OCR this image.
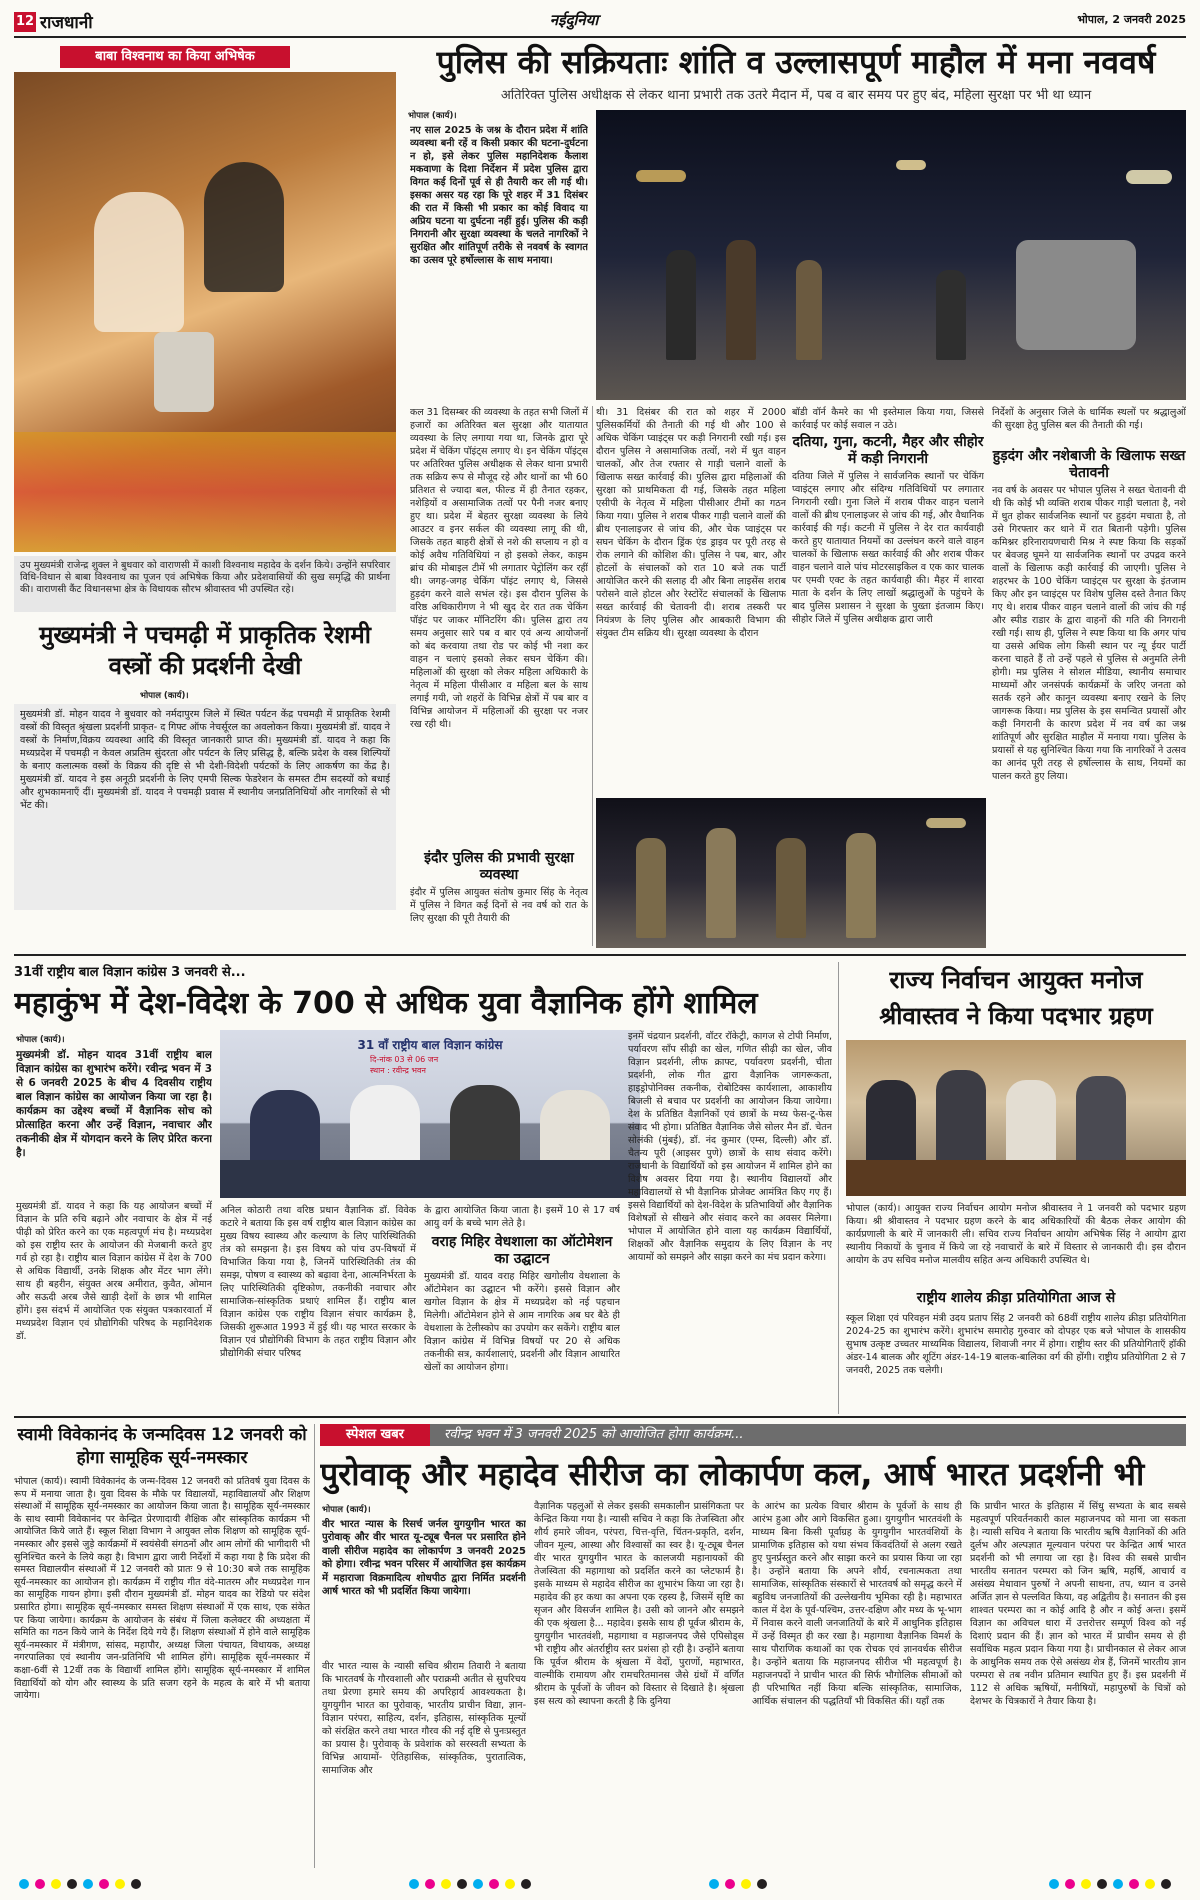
12 राजधानी	नईदुनिया	भोपाल, 2 जनवरी 2025
बाबा विश्वनाथ का किया अभिषेक
उप मुख्यमंत्री राजेन्द्र शुक्ल ने बुधवार को वाराणसी में काशी विश्वनाथ महादेव के दर्शन किये। उन्होंने सपरिवार विधि-विधान से बाबा विश्वनाथ का पूजन एवं अभिषेक किया और प्रदेशवासियों की सुख समृद्धि की प्रार्थना की। वाराणसी कैंट विधानसभा क्षेत्र के विधायक सौरभ श्रीवास्तव भी उपस्थित रहे।
मुख्यमंत्री ने पचमढ़ी में प्राकृतिक रेशमी वस्त्रों की प्रदर्शनी देखी
भोपाल (कार्य)।
मुख्यमंत्री डॉ. मोहन यादव ने बुधवार को नर्मदापुरम जिले में स्थित पर्यटन केंद्र पचमढ़ी में प्राकृतिक रेशमी वस्त्रों की विस्तृत श्रृंखला प्रदर्शनी प्राकृत- द गिफ्ट ऑफ नेचर्सूरल का अवलोकन किया। मुख्यमंत्री डॉ. यादव ने वस्त्रों के निर्माण,विक्रय व्यवस्था आदि की विस्तृत जानकारी प्राप्त की। मुख्यमंत्री डॉ. यादव ने कहा कि मध्यप्रदेश में पचमढ़ी न केवल अप्रतिम सुंदरता और पर्यटन के लिए प्रसिद्ध है, बल्कि प्रदेश के वस्त्र शिल्पियों के बनाए कलात्मक वस्त्रों के विक्रय की दृष्टि से भी देशी-विदेशी पर्यटकों के लिए आकर्षण का केंद्र है। मुख्यमंत्री डॉ. यादव ने इस अनूठी प्रदर्शनी के लिए एमपी सिल्क फेडरेशन के समस्त टीम सदस्यों को बधाई और शुभकामनाएँ दीं। मुख्यमंत्री डॉ. यादव ने पचमढ़ी प्रवास में स्थानीय जनप्रतिनिधियों और नागरिकों से भी भेंट की।
पुलिस की सक्रियताः शांति व उल्लासपूर्ण माहौल में मना नववर्ष
अतिरिक्त पुलिस अधीक्षक से लेकर थाना प्रभारी तक उतरे मैदान में, पब व बार समय पर हुए बंद, महिला सुरक्षा पर भी था ध्यान
भोपाल (कार्य)।
नए साल 2025 के जश्न के दौरान प्रदेश में शांति व्यवस्था बनी रहें व किसी प्रकार की घटना-दुर्घटना न हो, इसे लेकर पुलिस महानिदेशक कैलाश मकवाणा के दिशा निर्देशन में प्रदेश पुलिस द्वारा विगत कई दिनों पूर्व से ही तैयारी कर ली गई थी। इसका असर यह रहा कि पूरे शहर में 31 दिसंबर की रात में किसी भी प्रकार का कोई विवाद या अप्रिय घटना या दुर्घटना नहीं हुई। पुलिस की कड़ी निगरानी और सुरक्षा व्यवस्था के चलते नागरिकों ने सुरक्षित और शांतिपूर्ण तरीके से नववर्ष के स्वागत का उत्सव पूरे हर्षोल्लास के साथ मनाया।
कल 31 दिसम्बर की व्यवस्था के तहत सभी जिलों में हजारों का अतिरिक्त बल सुरक्षा और यातायात व्यवस्था के लिए लगाया गया था, जिनके द्वारा पूरे प्रदेश में चेकिंग पॉइंट्स लगाए थे। इन चेकिंग पॉइंट्स पर अतिरिक्त पुलिस अधीक्षक से लेकर थाना प्रभारी तक सक्रिय रूप से मौजूद रहे और थानों का भी 60 प्रतिशत से ज्यादा बल, फील्ड में ही तैनात रहकर, नशेड़ियों व असामाजिक तत्वों पर पैनी नजर बनाए हुए था। प्रदेश में बेहतर सुरक्षा व्यवस्था के लिये आउटर व इनर सर्कल की व्यवस्था लागू की थी, जिसके तहत बाहरी क्षेत्रों से नशे की सप्लाय न हो व कोई अवैध गतिविधियां न हो इसको लेकर, काइम ब्रांच की मोबाइल टीमें भी लगातार पेट्रोलिंग कर रहीं थी। जगह-जगह चेकिंग पॉइंट लगाए थे, जिससे हुड़दंग करने वाले सभंल रहे। इस दौरान पुलिस के वरिष्ठ अधिकारीगण ने भी खुद देर रात तक चेकिंग पॉइंट पर जाकर मॉनिटरिंग की। पुलिस द्वारा तय समय अनुसार सारे पब व बार एवं अन्य आयोजनों को बंद करवाया तथा रोड पर कोई भी नशा कर वाहन न चलाएं इसको लेकर सघन चेकिंग की। महिलाओं की सुरक्षा को लेकर महिला अधिकारी के नेतृत्व में महिला पीसीआर व महिला बल के साथ लगाई गयी, जो शहरों के विभिन्न क्षेत्रों में पब बार व विभिन्न आयोजन में महिलाओं की सुरक्षा पर नजर रख रही थी।
इंदौर पुलिस की प्रभावी सुरक्षा व्यवस्था
इंदौर में पुलिस आयुक्त संतोष कुमार सिंह के नेतृत्व में पुलिस ने विगत कई दिनों से नव वर्ष को रात के लिए सुरक्षा की पूरी तैयारी की
थी। 31 दिसंबर की रात को शहर में 2000 पुलिसकर्मियों की तैनाती की गई थी और 100 से अधिक चेकिंग प्वाइंट्स पर कड़ी निगरानी रखी गई। इस दौरान पुलिस ने असामाजिक तत्वों, नशे में धुत वाहन चालकों, और तेज रफ्तार से गाड़ी चलाने वालों के खिलाफ सख्त कार्रवाई की। पुलिस द्वारा महिलाओं की सुरक्षा को प्राथमिकता दी गई, जिसके तहत महिला एसीपी के नेतृत्व में महिला पीसीआर टीमों का गठन किया गया। पुलिस ने शराब पीकर गाड़ी चलाने वालों की ब्रीथ एनालाइजर से जांच की, और चेक प्वाइंट्स पर सघन चेकिंग के दौरान ड्रिंक एंड ड्राइव पर पूरी तरह से रोक लगाने की कोशिश की। पुलिस ने पब, बार, और होटलों के संचालकों को रात 10 बजे तक पार्टी आयोजित करने की सलाह दी और बिना लाइसेंस शराब परोसने वाले होटल और रेस्टोरेंट संचालकों के खिलाफ सख्त कार्रवाई की चेतावनी दी। शराब तस्करी पर नियंत्रण के लिए पुलिस और आबकारी विभाग की संयुक्त टीम सक्रिय थी। सुरक्षा व्यवस्था के दौरान
बॉडी वॉर्न कैमरे का भी इस्तेमाल किया गया, जिससे कार्रवाई पर कोई सवाल न उठे।
दतिया, गुना, कटनी, मैहर और सीहोर में कड़ी निगरानी
दतिया जिले में पुलिस ने सार्वजनिक स्थानों पर चेकिंग प्वाइंट्स लगाए और संदिग्ध गतिविधियों पर लगातार निगरानी रखी। गुना जिले में शराब पीकर वाहन चलाने वालों की ब्रीथ एनालाइजर से जांच की गई, और वैधानिक कार्रवाई की गई। कटनी में पुलिस ने देर रात कार्यवाही करते हुए यातायात नियमों का उल्लंघन करने वाले वाहन चालकों के खिलाफ सख्त कार्रवाई की और शराब पीकर वाहन चलाने वाले पांच मोटरसाइकिल व एक कार चालक पर एमवी एक्ट के तहत कार्यवाही की। मैहर में शारदा माता के दर्शन के लिए लाखों श्रद्धालुओं के पहुंचने के बाद पुलिस प्रशासन ने सुरक्षा के पुख्ता इंतजाम किए। सीहोर जिले में पुलिस अधीक्षक द्वारा जारी
निर्देशों के अनुसार जिले के धार्मिक स्थलों पर श्रद्धालुओं की सुरक्षा हेतु पुलिस बल की तैनाती की गई।
हुड़दंग और नशेबाजी के खिलाफ सख्त चेतावनी
नव वर्ष के अवसर पर भोपाल पुलिस ने सख्त चेतावनी दी थी कि कोई भी व्यक्ति शराब पीकर गाड़ी चलाता है, नशे में धुत होकर सार्वजनिक स्थानों पर हुड़दंग मचाता है, तो उसे गिरफ्तार कर थाने में रात बितानी पड़ेगी। पुलिस कमिश्नर हरिनारायणचारी मिश्र ने स्पष्ट किया कि सड़कों पर बेवजह घूमने या सार्वजनिक स्थानों पर उपद्रव करने वालों के खिलाफ कड़ी कार्रवाई की जाएगी। पुलिस ने शहरभर के 100 चेकिंग प्वाइंट्स पर सुरक्षा के इंतजाम किए और इन प्वाइंट्स पर विशेष पुलिस दस्ते तैनात किए गए थे। शराब पीकर वाहन चलाने वालों की जांच की गई और स्पीड राडार के द्वारा वाहनों की गति की निगरानी रखी गई। साथ ही, पुलिस ने स्पष्ट किया था कि अगर पांच या उससे अधिक लोग किसी स्थान पर न्यू ईयर पार्टी करना चाहते हैं तो उन्हें पहले से पुलिस से अनुमति लेनी होगी। मप्र पुलिस ने सोशल मीडिया, स्थानीय समाचार माध्यमों और जनसंपर्क कार्यक्रमों के जरिए जनता को सतर्क रहने और कानून व्यवस्था बनाए रखने के लिए जागरूक किया। मप्र पुलिस के इस समन्वित प्रयासों और कड़ी निगरानी के कारण प्रदेश में नव वर्ष का जश्न शांतिपूर्ण और सुरक्षित माहौल में मनाया गया। पुलिस के प्रयासों से यह सुनिश्चित किया गया कि नागरिकों ने उत्सव का आनंद पूरी तरह से हर्षोल्लास के साथ, नियमों का पालन करते हुए लिया।
31वीं राष्ट्रीय बाल विज्ञान कांग्रेस 3 जनवरी से...
महाकुंभ में देश-विदेश के 700 से अधिक युवा वैज्ञानिक होंगे शामिल
भोपाल (कार्य)।
मुख्यमंत्री डॉ. मोहन यादव 31वीं राष्ट्रीय बाल विज्ञान कांग्रेस का शुभारंभ करेंगे। रवीन्द्र भवन में 3 से 6 जनवरी 2025 के बीच 4 दिवसीय राष्ट्रीय बाल विज्ञान कांग्रेस का आयोजन किया जा रहा है। कार्यक्रम का उद्देश्य बच्चों में वैज्ञानिक सोच को प्रोत्साहित करना और उन्हें विज्ञान, नवाचार और तकनीकी क्षेत्र में योगदान करने के लिए प्रेरित करना है।
मुख्यमंत्री डॉ. यादव ने कहा कि यह आयोजन बच्चों में विज्ञान के प्रति रुचि बढ़ाने और नवाचार के क्षेत्र में नई पीढ़ी को प्रेरित करने का एक महत्वपूर्ण मंच है। मध्यप्रदेश को इस राष्ट्रीय स्तर के आयोजन की मेजबानी करते हुए गर्व हो रहा है। राष्ट्रीय बाल विज्ञान कांग्रेस में देश के 700 से अधिक विद्यार्थी, उनके शिक्षक और मेंटर भाग लेंगे। साथ ही बहरीन, संयुक्त अरब अमीरात, कुवैत, ओमान और सऊदी अरब जैसे खाड़ी देशों के छात्र भी शामिल होंगे। इस संदर्भ में आयोजित एक संयुक्त पत्रकारवार्ता में मध्यप्रदेश विज्ञान एवं प्रौद्योगिकी परिषद के महानिदेशक डॉ.
31 वाँ राष्ट्रीय बाल विज्ञान कांग्रेस
दि-नांक 03 से 06 जन
स्थान : रवीन्द्र भवन
अनिल कोठारी तथा वरिष्ठ प्रधान वैज्ञानिक डॉ. विवेक कटारे ने बताया कि इस वर्ष राष्ट्रीय बाल विज्ञान कांग्रेस का मुख्य विषय स्वास्थ्य और कल्याण के लिए पारिस्थितिकी तंत्र को समझना है। इस विषय को पांच उप-विषयों में विभाजित किया गया है, जिनमें पारिस्थितिकी तंत्र की समझ, पोषण व स्वास्थ्य को बढ़ावा देना, आत्मनिर्भरता के लिए पारिस्थितिकी दृष्टिकोण, तकनीकी नवाचार और सामाजिक-सांस्कृतिक प्रथाएं शामिल हैं। राष्ट्रीय बाल विज्ञान कांग्रेस एक राष्ट्रीय विज्ञान संचार कार्यक्रम है, जिसकी शुरूआत 1993 में हुई थी। यह भारत सरकार के विज्ञान एवं प्रौद्योगिकी विभाग के तहत राष्ट्रीय विज्ञान और प्रौद्योगिकी संचार परिषद
के द्वारा आयोजित किया जाता है। इसमें 10 से 17 वर्ष आयु वर्ग के बच्चे भाग लेते है।
वराह मिहिर वेधशाला का ऑटोमेशन का उद्घाटन
मुख्यमंत्री डॉ. यादव वराह मिहिर खगोलीय वेधशाला के ऑटोमेशन का उद्घाटन भी करेंगे। इससे विज्ञान और खगोल विज्ञान के क्षेत्र में मध्यप्रदेश को नई पहचान मिलेगी। ऑटोमेशन होने से आम नागरिक अब घर बैठे ही वेधशाला के टेलीस्कोप का उपयोग कर सकेंगे। राष्ट्रीय बाल विज्ञान कांग्रेस में विभिन्न विषयों पर 20 से अधिक तकनीकी सत्र, कार्यशालाएं, प्रदर्शनी और विज्ञान आधारित खेलों का आयोजन होगा।
इनमें चंद्रयान प्रदर्शनी, वॉटर रॉकेट्री, कागज से टोपी निर्माण, पर्यावरण साँप सीढ़ी का खेल, गणित सीढ़ी का खेल, जीव विज्ञान प्रदर्शनी, लीफ क्राफ्ट, पर्यावरण प्रदर्शनी, चीता प्रदर्शनी, लोक गीत द्वारा वैज्ञानिक जागरूकता, हाइड्रोपोनिक्स तकनीक, रोबोटिक्स कार्यशाला, आकाशीय बिजली से बचाव पर प्रदर्शनी का आयोजन किया जायेगा। देश के प्रतिष्ठित वैज्ञानिकों एवं छात्रों के मध्य फेस-टू-फेस संवाद भी होगा। प्रतिष्ठित वैज्ञानिक जैसे सोलर मैन डॉ. चेतन सोलंकी (मुंबई), डॉ. नंद कुमार (एम्स, दिल्ली) और डॉ. चैतन्य पूरी (आइसर पुणे) छात्रों के साथ संवाद करेंगे। राजधानी के विद्यार्थियों को इस आयोजन में शामिल होने का विशेष अवसर दिया गया है। स्थानीय विद्यालयों और महाविद्यालयों से भी वैज्ञानिक प्रोजेक्ट आमंत्रित किए गए हैं। इससे विद्यार्थियों को देश-विदेश के प्रतिभावियों और वैज्ञानिक विशेषज्ञों से सीखने और संवाद करने का अवसर मिलेगा। भोपाल में आयोजित होने वाला यह कार्यक्रम विद्यार्थियों, शिक्षकों और वैज्ञानिक समुदाय के लिए विज्ञान के नए आयामों को समझने और साझा करने का मंच प्रदान करेगा।
राज्य निर्वाचन आयुक्त मनोज श्रीवास्तव ने किया पदभार ग्रहण
भोपाल (कार्य)। आयुक्त राज्य निर्वाचन आयोग मनोज श्रीवास्तव ने 1 जनवरी को पदभार ग्रहण किया। श्री श्रीवास्तव ने पदभार ग्रहण करने के बाद अधिकारियों की बैठक लेकर आयोग की कार्यप्रणाली के बारे में जानकारी ली। सचिव राज्य निर्वाचन आयोग अभिषेक सिंह ने आयोग द्वारा स्थानीय निकायों के चुनाव में किये जा रहे नवाचारों के बारे में विस्तार से जानकारी दी। इस दौरान आयोग के उप सचिव मनोज मालवीय सहित अन्य अधिकारी उपस्थित थे।
राष्ट्रीय शालेय क्रीड़ा प्रतियोगिता आज से
स्कूल शिक्षा एवं परिवहन मंत्री उदय प्रताप सिंह 2 जनवरी को 68वीं राष्ट्रीय शालेय क्रीड़ा प्रतियोगिता 2024-25 का शुभारंभ करेंगे। शुभारंभ समारोह गुरुवार को दोपहर एक बजे भोपाल के शासकीय सुभाष उत्कृष्ट उच्चतर माध्यमिक विद्यालय, शिवाजी नगर में होगा। राष्ट्रीय स्तर की प्रतियोगिताएँ हॉकी अंडर-14 बालक और शूटिंग अंडर-14-19 बालक-बालिका वर्ग की होंगी। राष्ट्रीय प्रतियोगिता 2 से 7 जनवरी, 2025 तक चलेगी।
स्वामी विवेकानंद के जन्मदिवस 12 जनवरी को होगा सामूहिक सूर्य-नमस्कार
भोपाल (कार्य)। स्वामी विवेकानंद के जन्म-दिवस 12 जनवरी को प्रतिवर्ष युवा दिवस के रूप में मनाया जाता है। युवा दिवस के मौके पर विद्यालयों, महाविद्यालयों और शिक्षण संस्थाओं में सामूहिक सूर्य-नमस्कार का आयोजन किया जाता है। सामूहिक सूर्य-नमस्कार के साथ स्वामी विवेकानंद पर केन्द्रित प्रेरणादायी शैक्षिक और सांस्कृतिक कार्यक्रम भी आयोजित किये जाते हैं। स्कूल शिक्षा विभाग ने आयुक्त लोक शिक्षण को सामूहिक सूर्य-नमस्कार और इससे जुड़े कार्यक्रमों में स्वयंसेवी संगठनों और आम लोगों की भागीदारी भी सुनिश्चित करने के लिये कहा है। विभाग द्वारा जारी निर्देशों में कहा गया है कि प्रदेश की समस्त विद्यालयीन संस्थाओं में 12 जनवरी को प्रातः 9 से 10:30 बजे तक सामूहिक सूर्य-नमस्कार का आयोजन हो। कार्यक्रम में राष्ट्रीय गीत वंदे-मातरम और मध्यप्रदेश गान का सामूहिक गायन होगा। इसी दौरान मुख्यमंत्री डॉ. मोहन यादव का रेडियो पर संदेश प्रसारित होगा। सामूहिक सूर्य-नमस्कार समस्त शिक्षण संस्थाओं में एक साथ, एक संकेत पर किया जायेगा। कार्यक्रम के आयोजन के संबंध में जिला कलेक्टर की अध्यक्षता में समिति का गठन किये जाने के निर्देश दिये गये हैं। शिक्षण संस्थाओं में होने वाले सामूहिक सूर्य-नमस्कार में मंत्रीगण, सांसद, महापौर, अध्यक्ष जिला पंचायत, विधायक, अध्यक्ष नगरपालिका एवं स्थानीय जन-प्रतिनिधि भी शामिल होंगे। सामूहिक सूर्य-नमस्कार में कक्षा-6वीं से 12वीं तक के विद्यार्थी शामिल होंगे। सामूहिक सूर्य-नमस्कार में शामिल विद्यार्थियों को योग और स्वास्थ्य के प्रति सजग रहने के महत्व के बारे में भी बताया जायेगा।
स्पेशल खबर	रवीन्द्र भवन में 3 जनवरी 2025 को आयोजित होगा कार्यक्रम...
पुरोवाक् और महादेव सीरीज का लोकार्पण कल, आर्ष भारत प्रदर्शनी भी
भोपाल (कार्य)।
वीर भारत न्यास के रिसर्च जर्नल युगयुगीन भारत का पुरोवाक् और वीर भारत यू-ट्यूब चैनल पर प्रसारित होने वाली सीरीज महादेव का लोकार्पण 3 जनवरी 2025 को होगा। रवीन्द्र भवन परिसर में आयोजित इस कार्यक्रम में महाराजा विक्रमादित्य शोधपीठ द्वारा निर्मित प्रदर्शनी आर्ष भारत को भी प्रदर्शित किया जायेगा।
वीर भारत न्यास के न्यासी सचिव श्रीराम तिवारी ने बताया कि भारतवर्ष के गौरवशाली और पराक्रमी अतीत से सुपरिचय तथा प्रेरणा हमारे समय की अपरिहार्य आवश्यकता है। युगयुगीन भारत का पुरोवाक्, भारतीय प्राचीन विद्या, ज्ञान-विज्ञान परंपरा, साहित्य, दर्शन, इतिहास, सांस्कृतिक मूल्यों को संरक्षित करने तथा भारत गौरव की नई दृष्टि से पुनःप्रस्तुत का प्रयास है। पुरोवाक् के प्रवेशांक को सरस्वती सभ्यता के विभिन्न आयामों- ऐतिहासिक, सांस्कृतिक, पुरातात्विक, सामाजिक और
वैज्ञानिक पहलुओं से लेकर इसकी समकालीन प्रासंगिकता पर केन्द्रित किया गया है। न्यासी सचिव ने कहा कि तेजस्विता और शौर्य हमारे जीवन, परंपरा, चित्त-वृत्ति, चिंतन-प्रकृति, दर्शन, जीवन मूल्य, आस्था और विश्वासों का स्वर है। यू-ट्यूब चैनल वीर भारत युगयुगीन भारत के कालजयी महानायकों की तेजस्विता की महागाथा को प्रदर्शित करने का प्लेटफार्म है। इसके माध्यम से महादेव सीरीज का शुभारंभ किया जा रहा है। महादेव की हर कथा का अपना एक रहस्य है, जिसमें सृष्टि का सृजन और विसर्जन शामिल है। उसी को जानने और समझने की एक श्रृंखला है... महादेव। इसके साथ ही पूर्वज श्रीराम के, युगयुगीन भारतवंशी, महागाथा व महाजनपद जैसे एपिसोड्स भी राष्ट्रीय और अंतर्राष्ट्रीय स्तर प्रशंसा हो रही है। उन्होंने बताया कि पूर्वज श्रीराम के श्रृंखला में वेदों, पुराणों, महाभारत, वाल्मीकि रामायण और रामचरितमानस जैसे ग्रंथों में वर्णित श्रीराम के पूर्वजों के जीवन को विस्तार से दिखाते है। श्रृंखला इस सत्य को स्थापना करती है कि दुनिया
के आरंभ का प्रत्येक विचार श्रीराम के पूर्वजों के साथ ही आरंभ हुआ और आगे विकसित हुआ। युगयुगीन भारतवंशी के माध्यम बिना किसी पूर्वाग्रह के युगयुगीन भारतवंशियों के प्रामाणिक इतिहास को यथा संभव किंवदंतियों से अलग रखते हुए पुनर्प्रस्तुत करने और साझा करने का प्रयास किया जा रहा है। उन्होंने बताया कि अपने शौर्य, रचनात्मकता तथा सामाजिक, सांस्कृतिक संस्कारों से भारतवर्ष को समृद्ध करने में बहुविध जनजातियों की उल्लेखनीय भूमिका रही है। महाभारत काल में देश के पूर्व-पश्चिम, उत्तर-दक्षिण और मध्य के भू-भाग में निवास करने वाली जनजातियों के बारे में आधुनिक इतिहास में उन्हें विस्मृत ही कर रखा है। महागाथा वैज्ञानिक विमर्श के साथ पौराणिक कथाओं का एक रोचक एवं ज्ञानवर्धक सीरीज है। उन्होंने बताया कि महाजनपद सीरीज भी महत्वपूर्ण है। महाजनपदों ने प्राचीन भारत की सिर्फ भौगोलिक सीमाओं को ही परिभाषित नहीं किया बल्कि सांस्कृतिक, सामाजिक, आर्थिक संचालन की पद्धतियाँ भी विकसित कीं। यहाँ तक
कि प्राचीन भारत के इतिहास में सिंधु सभ्यता के बाद सबसे महत्वपूर्ण परिवर्तनकारी काल महाजनपद को माना जा सकता है। न्यासी सचिव ने बताया कि भारतीय ऋषि वैज्ञानिकों की अति दुर्लभ और अल्पज्ञात मूल्यवान परंपरा पर केन्द्रित आर्ष भारत प्रदर्शनी को भी लगाया जा रहा है। विश्व की सबसे प्राचीन भारतीय सनातन परम्परा को जिन ऋषि, महर्षि, आचार्य व असंख्य मेधावान पुरुषों ने अपनी साधना, तप, ध्यान व उनसे अर्जित ज्ञान से पल्लवित किया, वह अद्वितीय है। सनातन की इस शाश्वत परम्परा का न कोई आदि है और न कोई अन्त। इसमें विज्ञान का अविचल धारा में उत्तरोत्तर सम्पूर्ण विश्व को नई दिशाएं प्रदान की हैं। ज्ञान को भारत में प्राचीन समय से ही सर्वाधिक महत्व प्रदान किया गया है। प्राचीनकाल से लेकर आज के आधुनिक समय तक ऐसे असंख्य शेत्र हैं, जिनमें भारतीय ज्ञान परम्परा से तब नवीन प्रतिमान स्थापित हुए हैं। इस प्रदर्शनी में 112 से अधिक ऋषियों, मनीषियों, महापुरुषों के चित्रों को देशभर के चित्रकारों ने तैयार किया है।
